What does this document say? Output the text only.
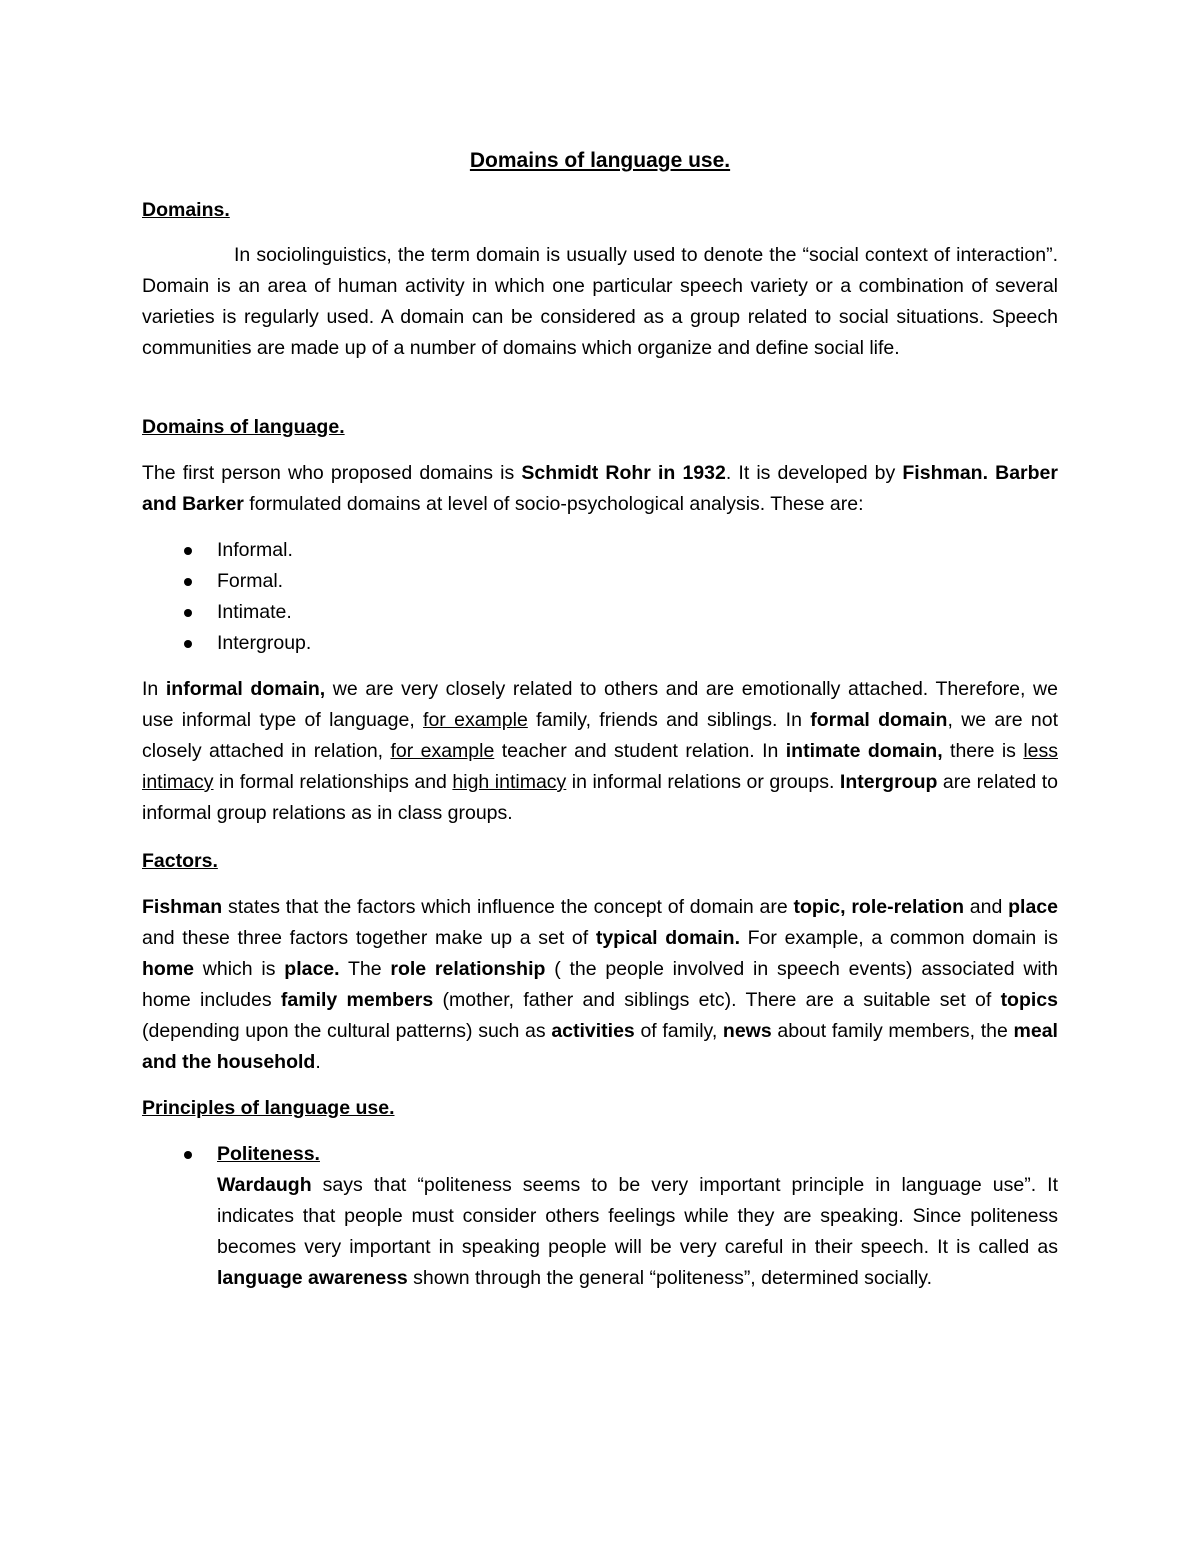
Domains of language use.

Domains.

In sociolinguistics, the term domain is usually used to denote the “social context of interaction”. Domain is an area of human activity in which one particular speech variety or a combination of several varieties is regularly used. A domain can be considered as a group related to social situations. Speech communities are made up of a number of domains which organize and define social life.

Domains of language.

The first person who proposed domains is Schmidt Rohr in 1932. It is developed by Fishman. Barber and Barker formulated domains at level of socio-psychological analysis. These are:

Informal.
Formal.
Intimate.
Intergroup.

In informal domain, we are very closely related to others and are emotionally attached. Therefore, we use informal type of language, for example family, friends and siblings. In formal domain, we are not closely attached in relation, for example teacher and student relation. In intimate domain, there is less intimacy in formal relationships and high intimacy in informal relations or groups. Intergroup are related to informal group relations as in class groups.

Factors.

Fishman states that the factors which influence the concept of domain are topic, role-relation and place and these three factors together make up a set of typical domain. For example, a common domain is home which is place. The role relationship ( the people involved in speech events) associated with home includes family members (mother, father and siblings etc). There are a suitable set of topics (depending upon the cultural patterns) such as activities of family, news about family members, the meal and the household.

Principles of language use.

Politeness.
Wardaugh says that “politeness seems to be very important principle in language use”. It indicates that people must consider others feelings while they are speaking. Since politeness becomes very important in speaking people will be very careful in their speech. It is called as language awareness shown through the general “politeness”, determined socially.
